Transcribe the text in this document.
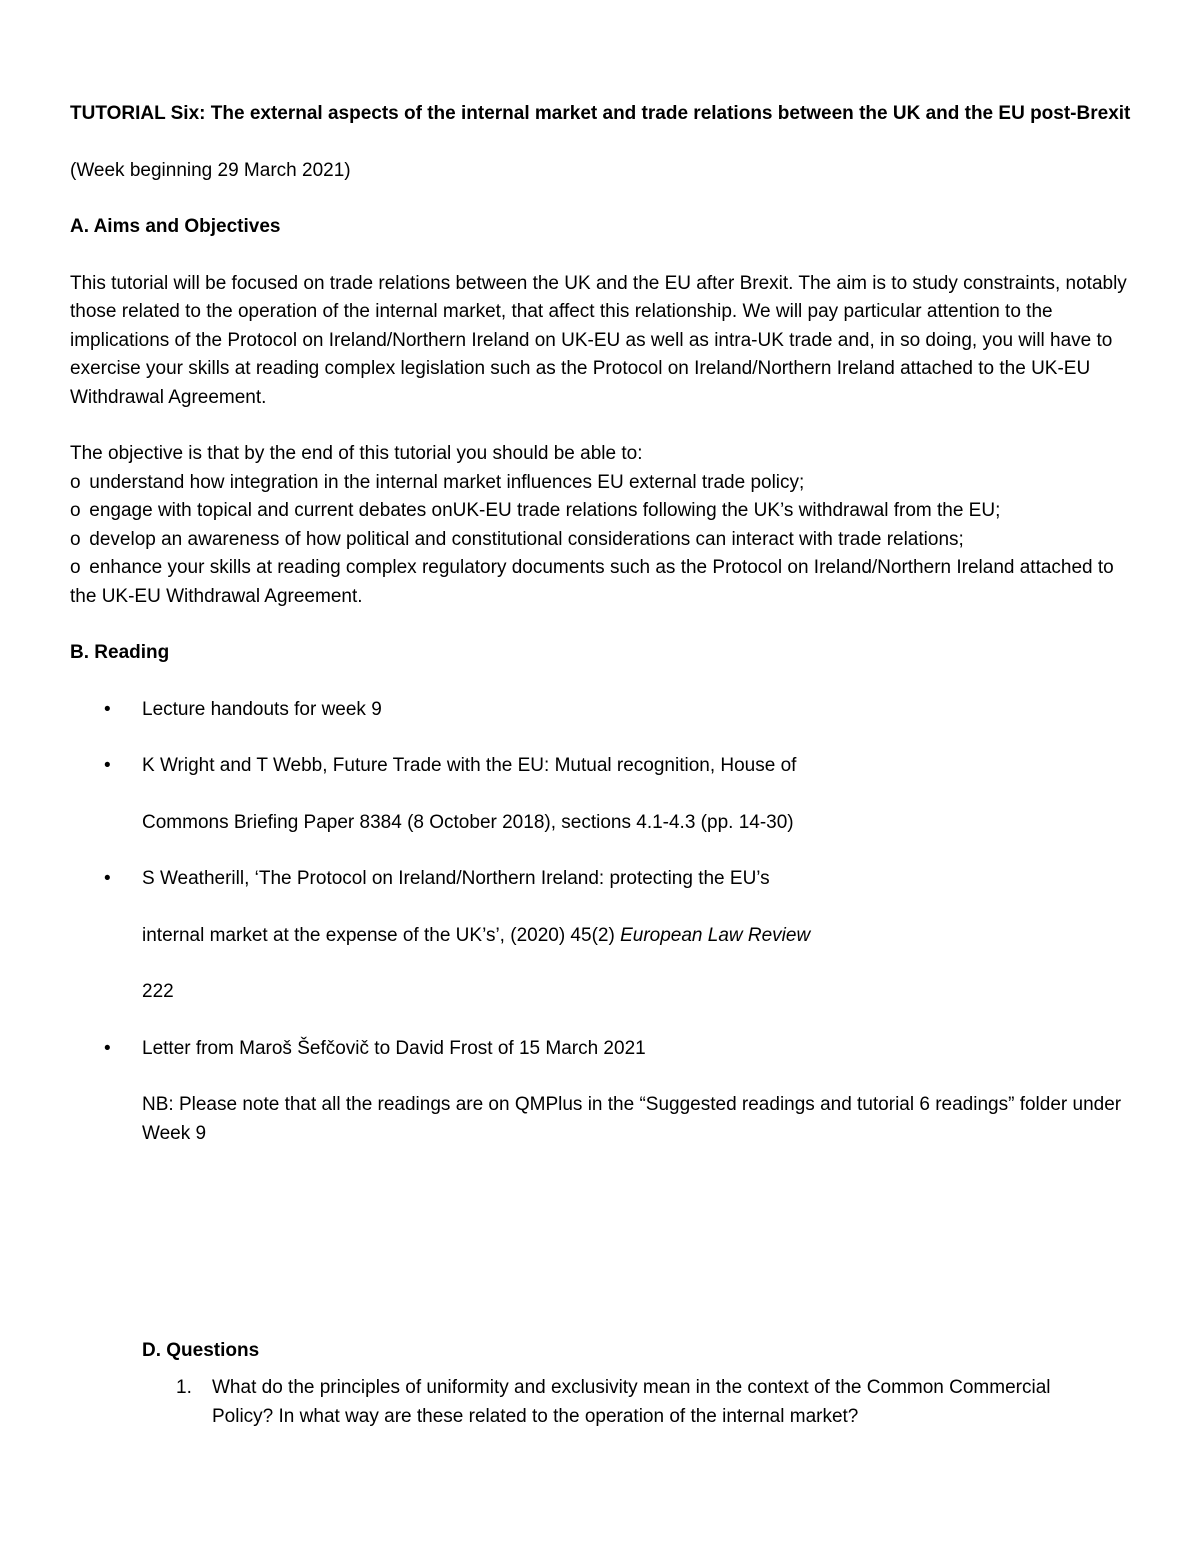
TUTORIAL Six: The external aspects of the internal market and trade relations between the UK and the EU post-Brexit

(Week beginning 29 March 2021)

A. Aims and Objectives

This tutorial will be focused on trade relations between the UK and the EU after Brexit. The aim is to study constraints, notably those related to the operation of the internal market, that affect this relationship. We will pay particular attention to the implications of the Protocol on Ireland/Northern Ireland on UK-EU as well as intra-UK trade and, in so doing, you will have to exercise your skills at reading complex legislation such as the Protocol on Ireland/Northern Ireland attached to the UK-EU Withdrawal Agreement.

The objective is that by the end of this tutorial you should be able to:

o understand how integration in the internal market influences EU external trade policy;
o engage with topical and current debates onUK-EU trade relations following the UK’s withdrawal from the EU;
o develop an awareness of how political and constitutional considerations can interact with trade relations;
o enhance your skills at reading complex regulatory documents such as the Protocol on Ireland/Northern Ireland attached to the UK-EU Withdrawal Agreement.

B. Reading

• Lecture handouts for week 9
• K Wright and T Webb, Future Trade with the EU: Mutual recognition, House of
Commons Briefing Paper 8384 (8 October 2018), sections 4.1-4.3 (pp. 14-30)
• S Weatherill, ‘The Protocol on Ireland/Northern Ireland: protecting the EU’s
internal market at the expense of the UK’s’, (2020) 45(2) European Law Review
222
• Letter from Maroš Šefčovič to David Frost of 15 March 2021

NB: Please note that all the readings are on QMPlus in the “Suggested readings and tutorial 6 readings” folder under Week 9

D. Questions

1. What do the principles of uniformity and exclusivity mean in the context of the Common Commercial Policy? In what way are these related to the operation of the internal market?
